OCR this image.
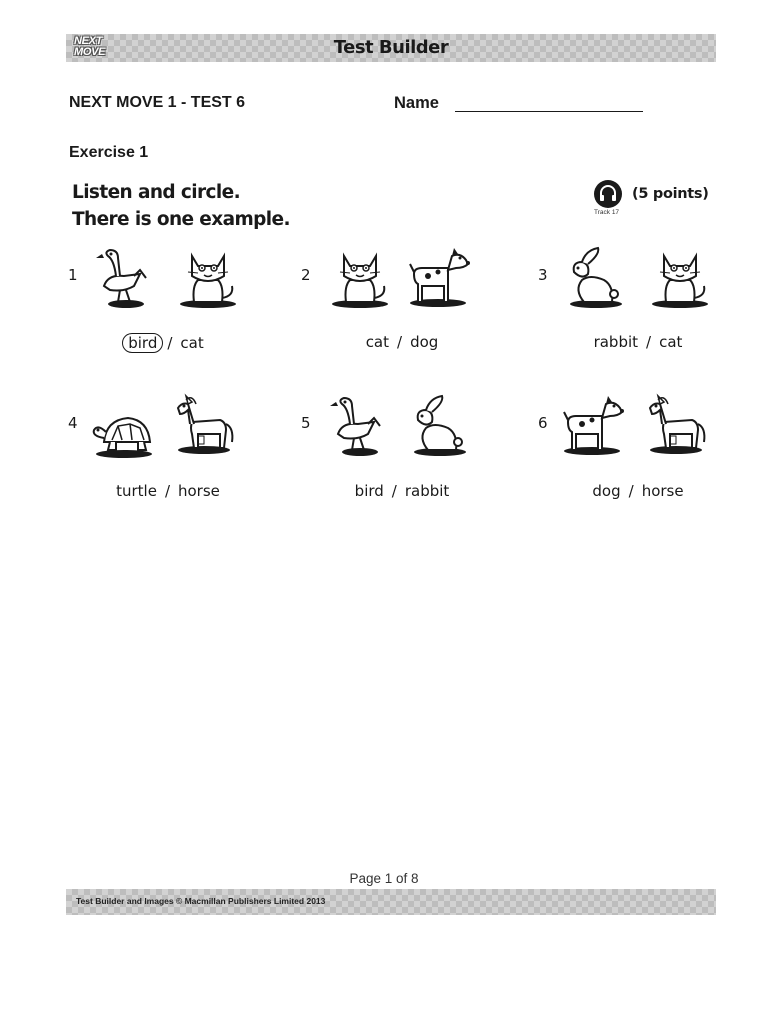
NEXT
MOVE	Test Builder
NEXT MOVE 1 - TEST 6	Name
Exercise 1
Listen and circle.
There is one example.
(5 points)
Track 17
1
bird / cat
2
cat / dog
3
rabbit / cat
4
turtle / horse
5
bird / rabbit
6
dog / horse
Page 1 of 8
Test Builder and Images © Macmillan Publishers Limited 2013
